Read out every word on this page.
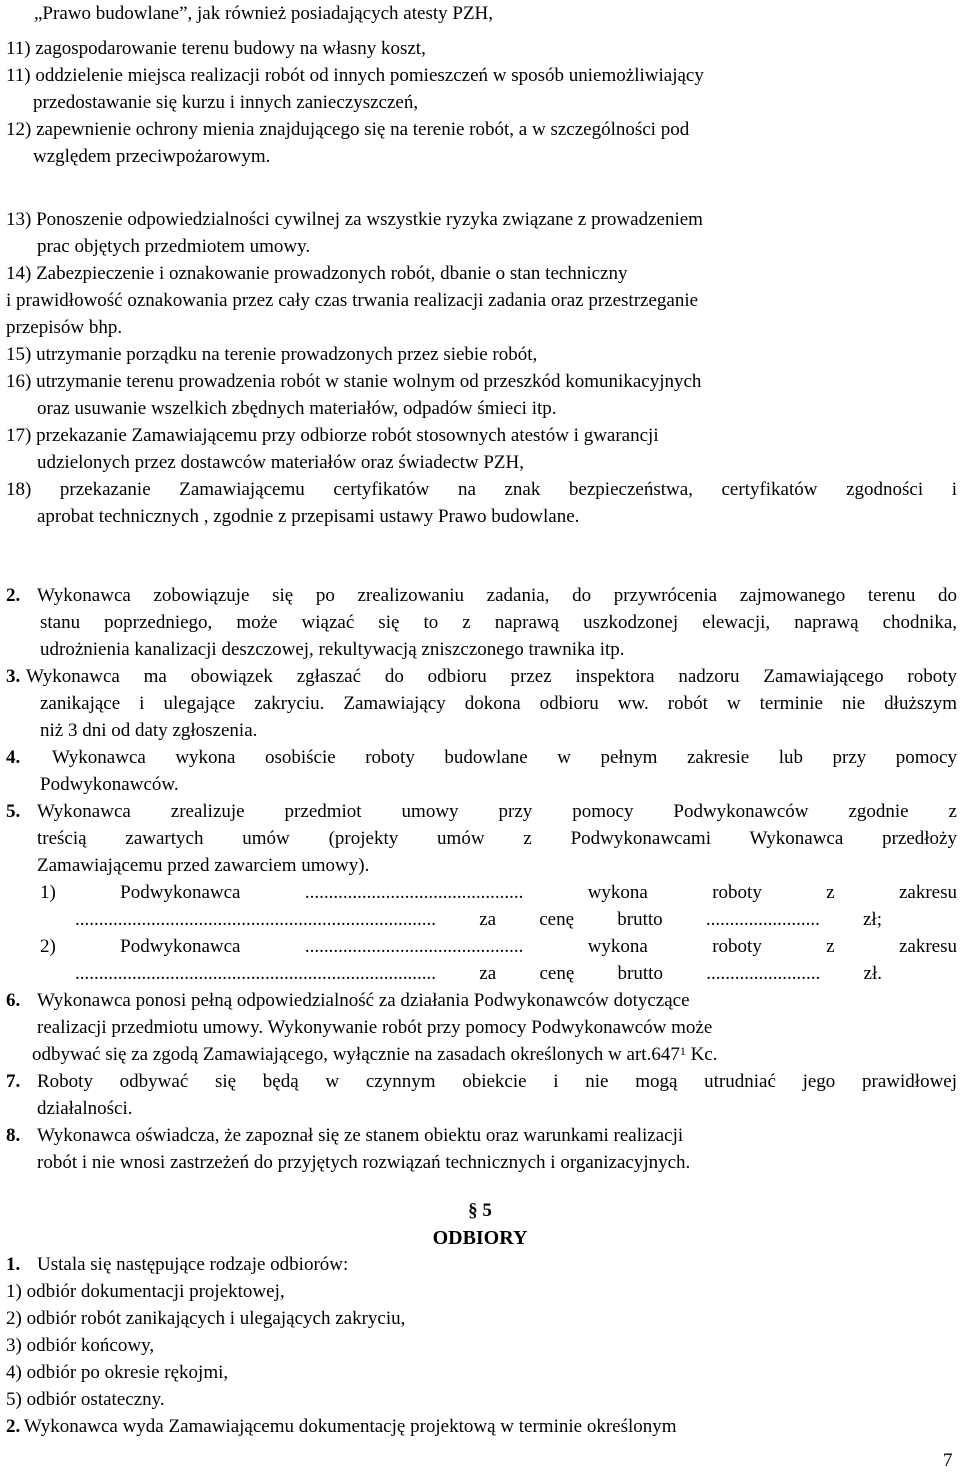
„Prawo budowlane”, jak również posiadających atesty PZH,
11) zagospodarowanie terenu budowy na własny koszt,
11) oddzielenie miejsca realizacji robót od innych pomieszczeń w sposób uniemożliwiający
przedostawanie się kurzu i innych zanieczyszczeń,
12) zapewnienie ochrony mienia znajdującego się na terenie robót, a w szczególności pod
względem przeciwpożarowym.
13) Ponoszenie odpowiedzialności cywilnej za wszystkie ryzyka związane z prowadzeniem
prac objętych przedmiotem umowy.
14) Zabezpieczenie i oznakowanie prowadzonych robót, dbanie o stan techniczny
i prawidłowość oznakowania przez cały czas trwania realizacji zadania oraz przestrzeganie
przepisów bhp.
15) utrzymanie porządku na terenie prowadzonych przez siebie robót,
16) utrzymanie terenu prowadzenia robót w stanie wolnym od przeszkód komunikacyjnych
oraz usuwanie wszelkich zbędnych materiałów, odpadów śmieci itp.
17) przekazanie Zamawiającemu przy odbiorze robót stosownych atestów i gwarancji
udzielonych przez dostawców materiałów oraz świadectw PZH,
18) przekazanie Zamawiającemu certyfikatów na znak bezpieczeństwa, certyfikatów zgodności i
aprobat technicznych , zgodnie z przepisami ustawy Prawo budowlane.
2. Wykonawca zobowiązuje się po zrealizowaniu zadania, do przywrócenia zajmowanego terenu do
stanu poprzedniego, może wiązać się to z naprawą uszkodzonej elewacji, naprawą chodnika,
udrożnienia kanalizacji deszczowej, rekultywacją zniszczonego trawnika itp.
3. Wykonawca ma obowiązek zgłaszać do odbioru przez inspektora nadzoru Zamawiającego roboty
zanikające i ulegające zakryciu. Zamawiający dokona odbioru ww. robót w terminie nie dłuższym
niż 3 dni od daty zgłoszenia.
4. Wykonawca wykona osobiście roboty budowlane w pełnym zakresie lub przy pomocy
Podwykonawców.
5. Wykonawca zrealizuje przedmiot umowy przy pomocy Podwykonawców zgodnie z
treścią zawartych umów (projekty umów z Podwykonawcami Wykonawca przedłoży
Zamawiającemu przed zawarciem umowy).
1) Podwykonawca .............................................. wykona roboty z zakresu
............................................................................ za cenę brutto ........................ zł;
2) Podwykonawca .............................................. wykona roboty z zakresu
............................................................................ za cenę brutto ........................ zł.
6. Wykonawca ponosi pełną odpowiedzialność za działania Podwykonawców dotyczące
realizacji przedmiotu umowy. Wykonywanie robót przy pomocy Podwykonawców może
odbywać się za zgodą Zamawiającego, wyłącznie na zasadach określonych w art.647$^1$ Kc.
7. Roboty odbywać się będą w czynnym obiekcie i nie mogą utrudniać jego prawidłowej
działalności.
8. Wykonawca oświadcza, że zapoznał się ze stanem obiektu oraz warunkami realizacji
robót i nie wnosi zastrzeżeń do przyjętych rozwiązań technicznych i organizacyjnych.
§ 5
ODBIORY
1. Ustala się następujące rodzaje odbiorów:
1) odbiór dokumentacji projektowej,
2) odbiór robót zanikających i ulegających zakryciu,
3) odbiór końcowy,
4) odbiór po okresie rękojmi,
5) odbiór ostateczny.
2. Wykonawca wyda Zamawiającemu dokumentację projektową w terminie określonym
7
